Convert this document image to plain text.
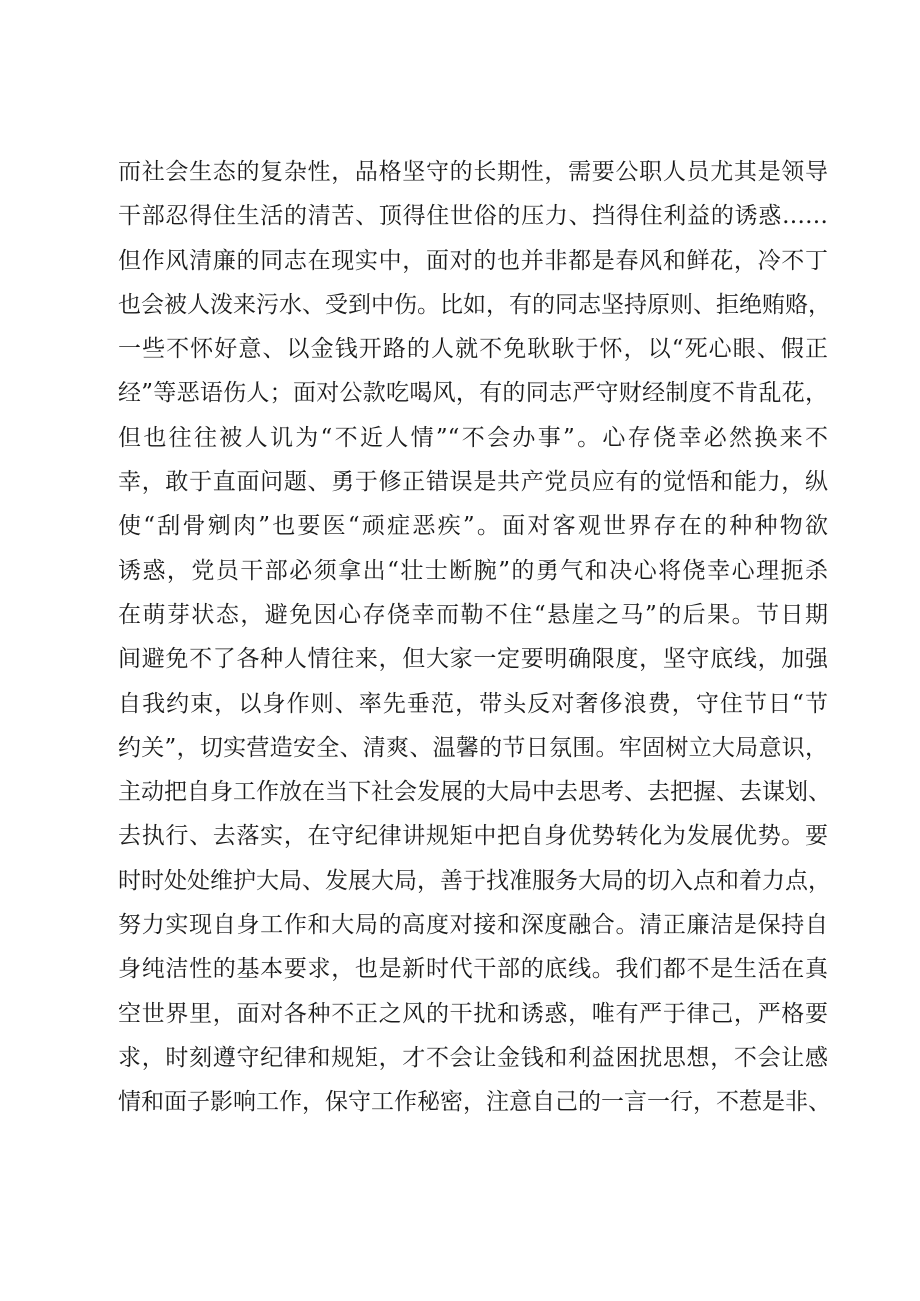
而社会生态的复杂性，品格坚守的长期性，需要公职人员尤其是领导
干部忍得住生活的清苦、顶得住世俗的压力、挡得住利益的诱惑……
但作风清廉的同志在现实中，面对的也并非都是春风和鲜花，冷不丁
也会被人泼来污水、受到中伤。比如，有的同志坚持原则、拒绝贿赂，
一些不怀好意、以金钱开路的人就不免耿耿于怀，以“死心眼、假正
经”等恶语伤人；面对公款吃喝风，有的同志严守财经制度不肯乱花，
但也往往被人讥为“不近人情”“不会办事”。心存侥幸必然换来不
幸，敢于直面问题、勇于修正错误是共产党员应有的觉悟和能力，纵
使“刮骨剜肉”也要医“顽症恶疾”。面对客观世界存在的种种物欲
诱惑，党员干部必须拿出“壮士断腕”的勇气和决心将侥幸心理扼杀
在萌芽状态，避免因心存侥幸而勒不住“悬崖之马”的后果。节日期
间避免不了各种人情往来，但大家一定要明确限度，坚守底线，加强
自我约束，以身作则、率先垂范，带头反对奢侈浪费，守住节日“节
约关”，切实营造安全、清爽、温馨的节日氛围。牢固树立大局意识，
主动把自身工作放在当下社会发展的大局中去思考、去把握、去谋划、
去执行、去落实，在守纪律讲规矩中把自身优势转化为发展优势。要
时时处处维护大局、发展大局，善于找准服务大局的切入点和着力点，
努力实现自身工作和大局的高度对接和深度融合。清正廉洁是保持自
身纯洁性的基本要求，也是新时代干部的底线。我们都不是生活在真
空世界里，面对各种不正之风的干扰和诱惑，唯有严于律己，严格要
求，时刻遵守纪律和规矩，才不会让金钱和利益困扰思想，不会让感
情和面子影响工作，保守工作秘密，注意自己的一言一行，不惹是非、
